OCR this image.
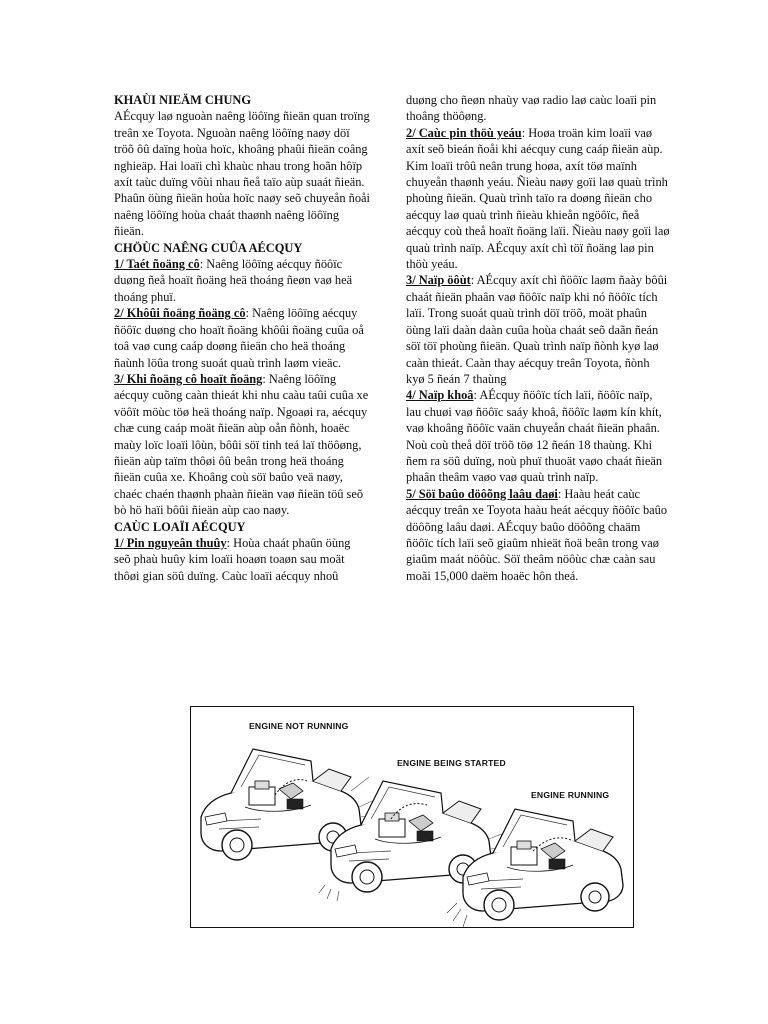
KHAÙI NIEÄM CHUNG

AÉcquy laø nguoàn naêng löôïng ñieän quan troïng treân xe Toyota. Nguoàn naêng löôïng naøy döï tröõ ôû daïng hoùa hoïc, khoâng phaûi ñieän coâng nghieäp. Hai loaïi chì khaùc nhau trong hoãn hôïp axít taùc duïng vôùi nhau ñeå taïo aùp suaát ñieän. Phaûn öùng ñieän hoùa hoïc naøy seõ chuyeån ñoåi naêng löôïng hoùa chaát thaønh naêng löôïng ñieän.

CHÖÙC NAÊNG CUÛA AÉCQUY

1/ Taét ñoäng cô: Naêng löôïng aécquy ñöôïc duøng ñeå hoaït ñoäng heä thoáng ñeøn vaø heä thoáng phuï.

2/ Khôûi ñoäng ñoäng cô: Naêng löôïng aécquy ñöôïc duøng cho hoaït ñoäng khôûi ñoäng cuûa oå toâ vaø cung caáp doøng ñieän cho heä thoáng ñaùnh löûa trong suoát quaù trình laøm vieäc.

3/ Khi ñoäng cô hoaït ñoäng: Naêng löôïng aécquy cuõng caàn thieát khi nhu caàu taûi cuûa xe vöôït möùc töø heä thoáng naïp. Ngoaøi ra, aécquy chæ cung caáp moät ñieän aùp oån ñònh, hoaëc maùy loïc loaïi lôùn, bôûi söï tinh teá laï thöôøng, ñieän aùp taïm thôøi ôû beân trong heä thoáng ñieän cuûa xe. Khoâng coù söï baûo veä naøy, chaéc chaén thaønh phaàn ñieän vaø ñieän töû seõ bò hö haïi bôûi ñieän aùp cao naøy.

CAÙC LOAÏI AÉCQUY

1/ Pin nguyeân thuûy: Hoùa chaát phaûn öùng seõ phaù huûy kim loaïi hoaøn toaøn sau moät thôøi gian söû duïng. Caùc loaïi aécquy nhoû

duøng cho ñeøn nhaùy vaø radio laø caùc loaïi pin thoâng thöôøng.

2/ Caùc pin thöù yeáu: Hoøa troän kim loaïi vaø axít seõ bieán ñoåi khi aécquy cung caáp ñieän aùp. Kim loaïi trôû neân trung hoøa, axít töø maïnh chuyeån thaønh yeáu. Ñieàu naøy goïi laø quaù trình phoùng ñieän. Quaù trình taïo ra doøng ñieän cho aécquy laø quaù trình ñieàu khieån ngöôïc, ñeå aécquy coù theå hoaït ñoäng laïi. Ñieàu naøy goïi laø quaù trình naïp. AÉcquy axít chì töï ñoäng laø pin thöù yeáu.

3/ Naïp öôùt: AÉcquy axít chì ñöôïc laøm ñaày bôûi chaát ñieän phaân vaø ñöôïc naïp khi nó ñöôïc tích laïi. Trong suoát quaù trình döï tröõ, moät phaûn öùng laïi daàn daàn cuûa hoùa chaát seõ daãn ñeán söï töï phoùng ñieän. Quaù trình naïp ñònh kyø laø caàn thieát. Caàn thay aécquy treân Toyota, ñònh kyø 5 ñeán 7 thaùng

4/ Naïp khoâ: AÉcquy ñöôïc tích laïi, ñöôïc naïp, lau chuøi vaø ñöôïc saáy khoâ, ñöôïc laøm kín khít, vaø khoâng ñöôïc vaän chuyeån chaát ñieän phaân. Noù coù theå döï tröõ töø 12 ñeán 18 thaùng. Khi ñem ra söû duïng, noù phuï thuoät vaøo chaát ñieän phaân theâm vaøo vaø quaù trình naïp.

5/ Söï baûo döôõng laâu daøi: Haàu heát caùc aécquy treân xe Toyota haàu heát aécquy ñöôïc baûo döôõng laâu daøi. AÉcquy baûo döôõng chaäm ñöôïc tích laïi seõ giaûm nhieät ñoä beân trong vaø giaûm maát nöôùc. Söï theâm nöôùc chæ caàn sau moãi 15,000 daëm hoaëc hôn theá.

ENGINE NOT RUNNING
ENGINE BEING STARTED
ENGINE RUNNING
